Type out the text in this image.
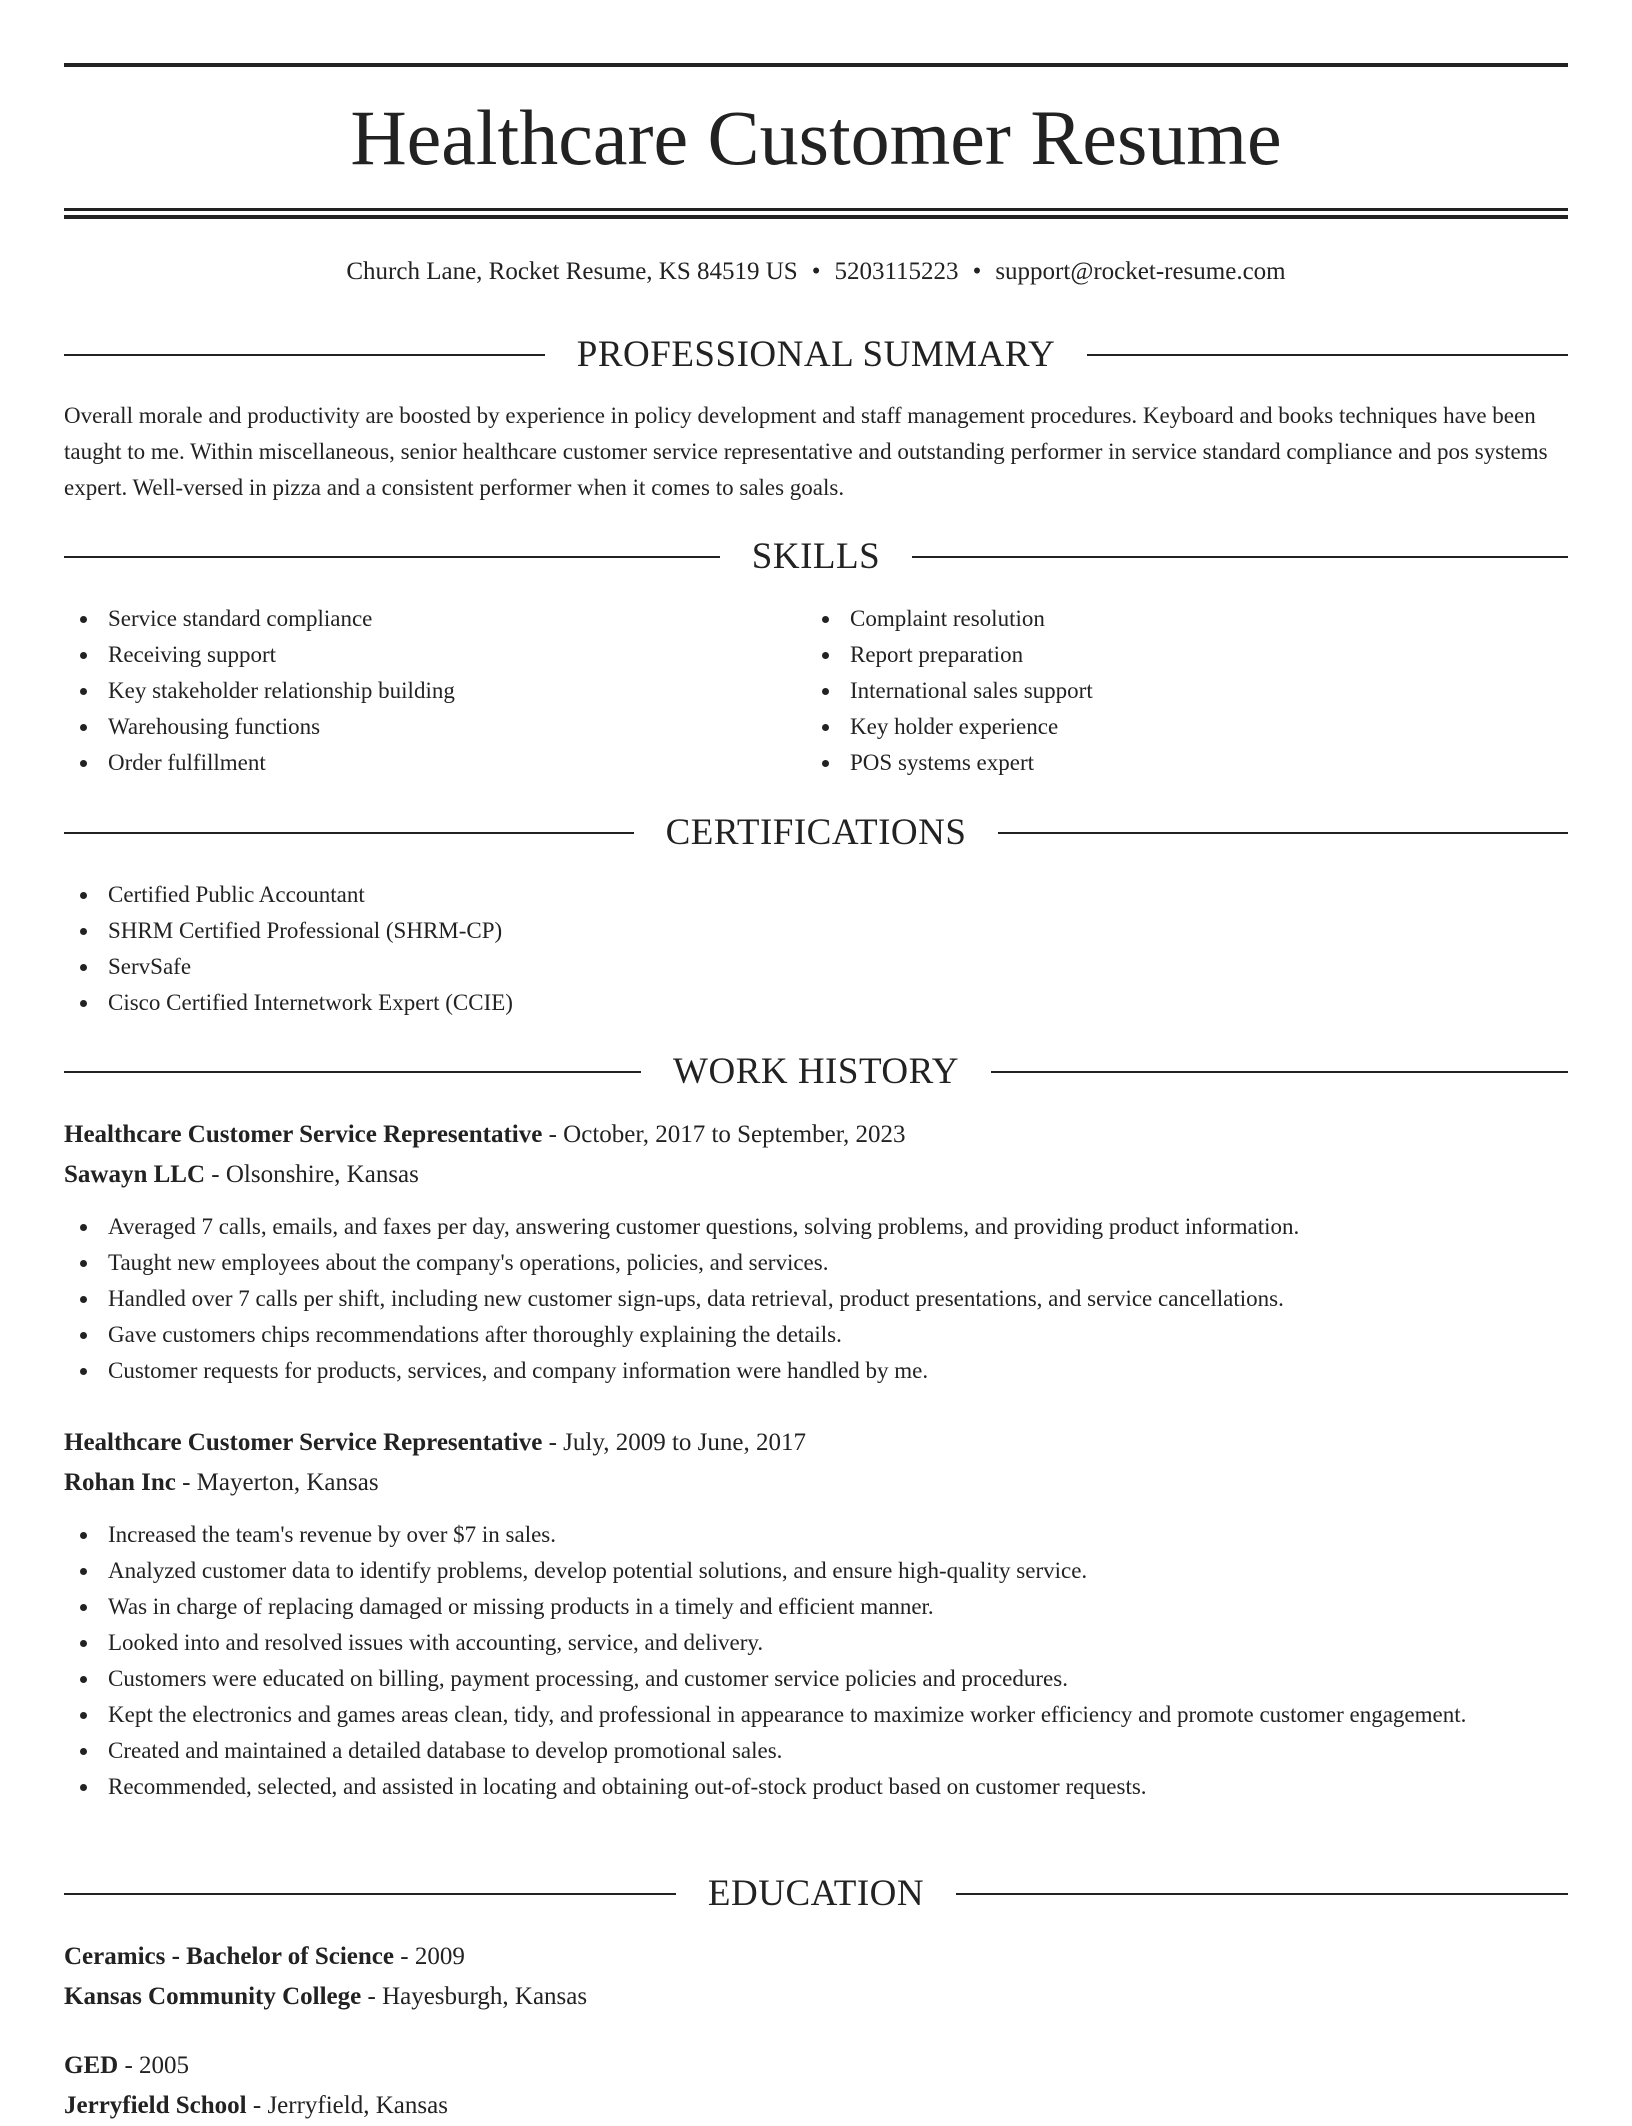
Healthcare Customer Resume
Church Lane, Rocket Resume, KS 84519 US • 5203115223 • support@rocket-resume.com
PROFESSIONAL SUMMARY

Overall morale and productivity are boosted by experience in policy development and staff management procedures. Keyboard and books techniques have been taught to me. Within miscellaneous, senior healthcare customer service representative and outstanding performer in service standard compliance and pos systems expert. Well-versed in pizza and a consistent performer when it comes to sales goals.

SKILLS
Service standard compliance
Receiving support
Key stakeholder relationship building
Warehousing functions
Order fulfillment
Complaint resolution
Report preparation
International sales support
Key holder experience
POS systems expert
CERTIFICATIONS
Certified Public Accountant
SHRM Certified Professional (SHRM-CP)
ServSafe
Cisco Certified Internetwork Expert (CCIE)
WORK HISTORY
Healthcare Customer Service Representative - October, 2017 to September, 2023
Sawayn LLC - Olsonshire, Kansas
Averaged 7 calls, emails, and faxes per day, answering customer questions, solving problems, and providing product information.
Taught new employees about the company's operations, policies, and services.
Handled over 7 calls per shift, including new customer sign-ups, data retrieval, product presentations, and service cancellations.
Gave customers chips recommendations after thoroughly explaining the details.
Customer requests for products, services, and company information were handled by me.
Healthcare Customer Service Representative - July, 2009 to June, 2017
Rohan Inc - Mayerton, Kansas
Increased the team's revenue by over $7 in sales.
Analyzed customer data to identify problems, develop potential solutions, and ensure high-quality service.
Was in charge of replacing damaged or missing products in a timely and efficient manner.
Looked into and resolved issues with accounting, service, and delivery.
Customers were educated on billing, payment processing, and customer service policies and procedures.
Kept the electronics and games areas clean, tidy, and professional in appearance to maximize worker efficiency and promote customer engagement.
Created and maintained a detailed database to develop promotional sales.
Recommended, selected, and assisted in locating and obtaining out-of-stock product based on customer requests.
EDUCATION
Ceramics - Bachelor of Science - 2009
Kansas Community College - Hayesburgh, Kansas
GED - 2005
Jerryfield School - Jerryfield, Kansas
